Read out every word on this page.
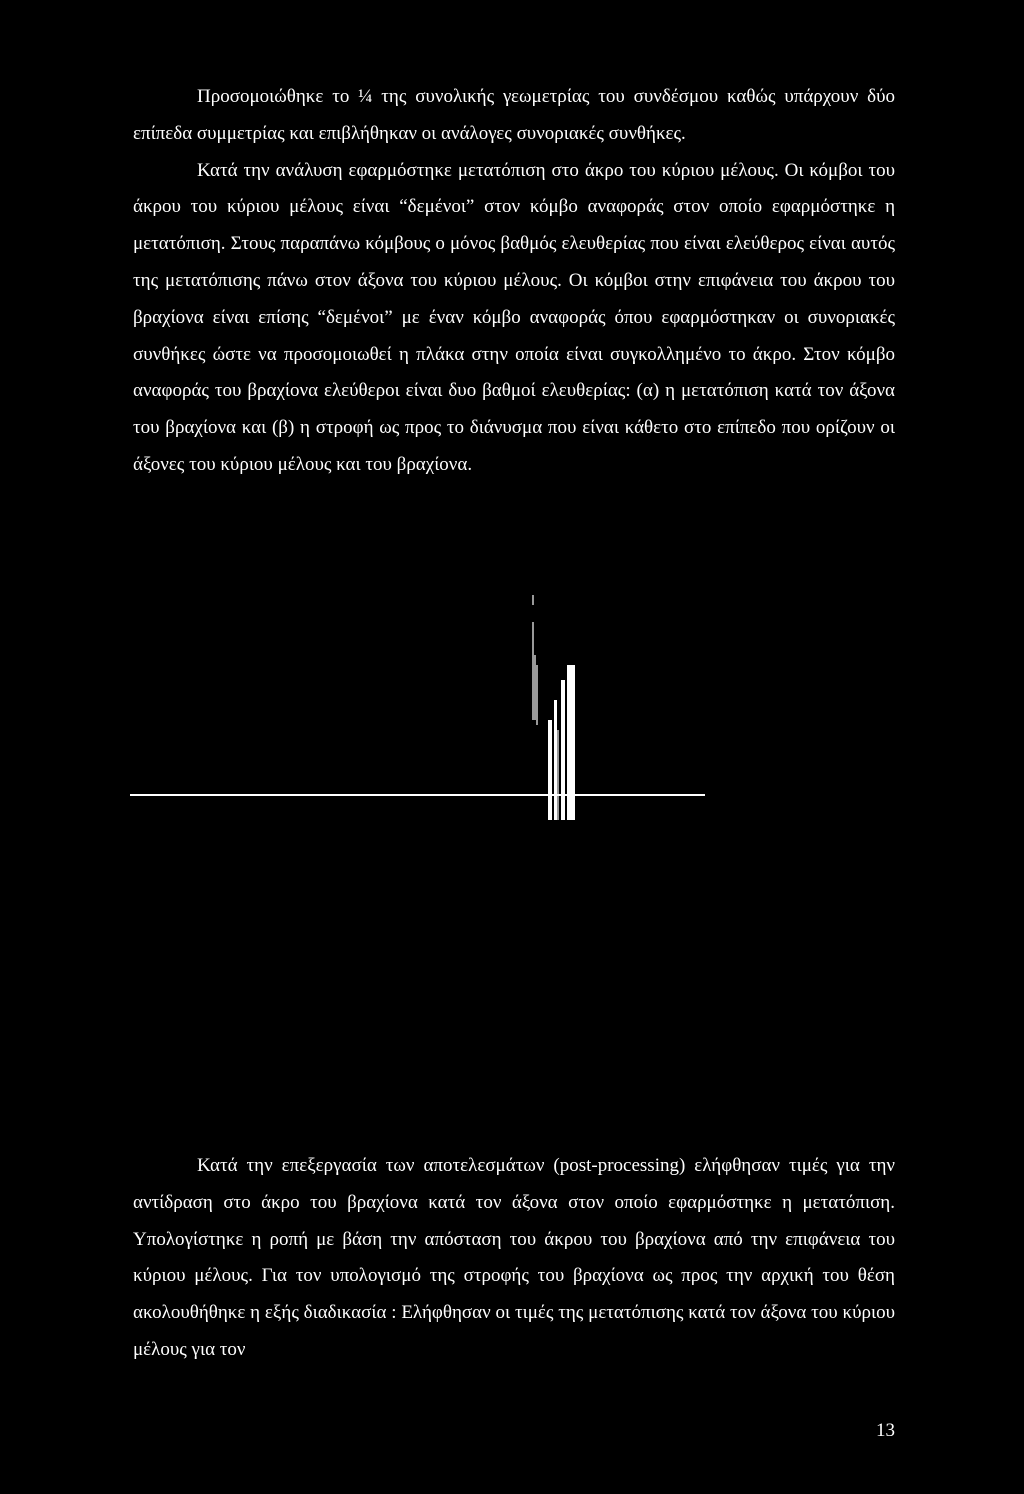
Προσομοιώθηκε το ¼ της συνολικής γεωμετρίας του συνδέσμου καθώς υπάρχουν δύο επίπεδα συμμετρίας και επιβλήθηκαν οι ανάλογες συνοριακές συνθήκες.

Κατά την ανάλυση εφαρμόστηκε μετατόπιση στο άκρο του κύριου μέλους. Οι κόμβοι του άκρου του κύριου μέλους είναι “δεμένοι” στον κόμβο αναφοράς στον οποίο εφαρμόστηκε η μετατόπιση. Στους παραπάνω κόμβους ο μόνος βαθμός ελευθερίας που είναι ελεύθερος είναι αυτός της μετατόπισης πάνω στον άξονα του κύριου μέλους. Οι κόμβοι στην επιφάνεια του άκρου του βραχίονα είναι επίσης “δεμένοι” με έναν κόμβο αναφοράς όπου εφαρμόστηκαν οι συνοριακές συνθήκες ώστε να προσομοιωθεί η πλάκα στην οποία είναι συγκολλημένο το άκρο. Στον κόμβο αναφοράς του βραχίονα ελεύθεροι είναι δυο βαθμοί ελευθερίας: (α) η μετατόπιση κατά τον άξονα του βραχίονα και (β) η στροφή ως προς το διάνυσμα που είναι κάθετο στο επίπεδο που ορίζουν οι άξονες του κύριου μέλους και του βραχίονα.

Κατά την επεξεργασία των αποτελεσμάτων (post-processing) ελήφθησαν τιμές για την αντίδραση στο άκρο του βραχίονα κατά τον άξονα στον οποίο εφαρμόστηκε η μετατόπιση. Υπολογίστηκε η ροπή με βάση την απόσταση του άκρου του βραχίονα από την επιφάνεια του κύριου μέλους. Για τον υπολογισμό της στροφής του βραχίονα ως προς την αρχική του θέση ακολουθήθηκε η εξής διαδικασία : Ελήφθησαν οι τιμές της μετατόπισης κατά τον άξονα του κύριου μέλους για τον

13
